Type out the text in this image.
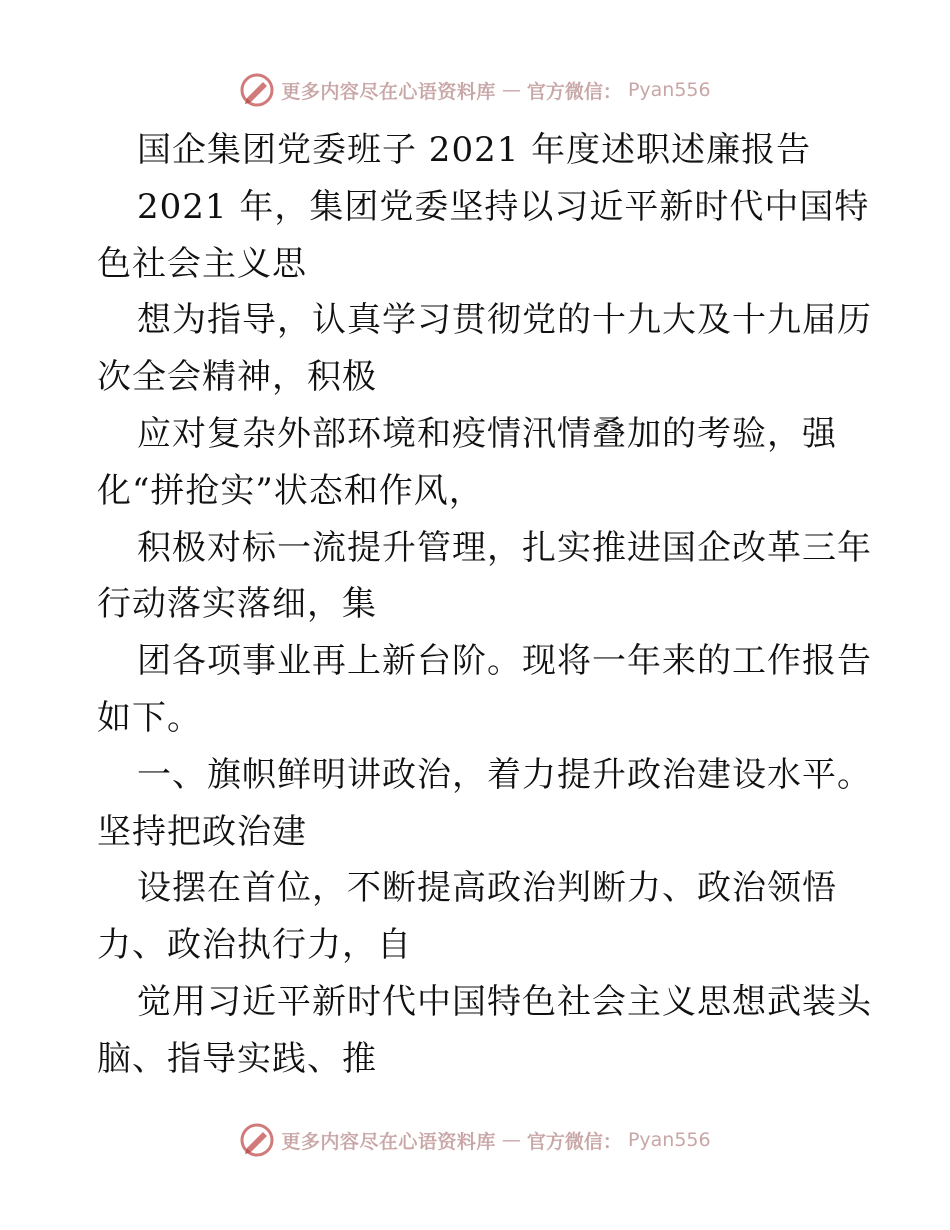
更多内容尽在心语资料库 — 官方微信： Pyan556

国企集团党委班子 2021 年度述职述廉报告

2021 年，集团党委坚持以习近平新时代中国特
色社会主义思

想为指导，认真学习贯彻党的十九大及十九届历
次全会精神，积极

应对复杂外部环境和疫情汛情叠加的考验，强
化“拼抢实”状态和作风，

积极对标一流提升管理，扎实推进国企改革三年
行动落实落细，集

团各项事业再上新台阶。现将一年来的工作报告
如下。

一、旗帜鲜明讲政治，着力提升政治建设水平。
坚持把政治建

设摆在首位，不断提高政治判断力、政治领悟
力、政治执行力，自

觉用习近平新时代中国特色社会主义思想武装头
脑、指导实践、推

更多内容尽在心语资料库 — 官方微信： Pyan556
